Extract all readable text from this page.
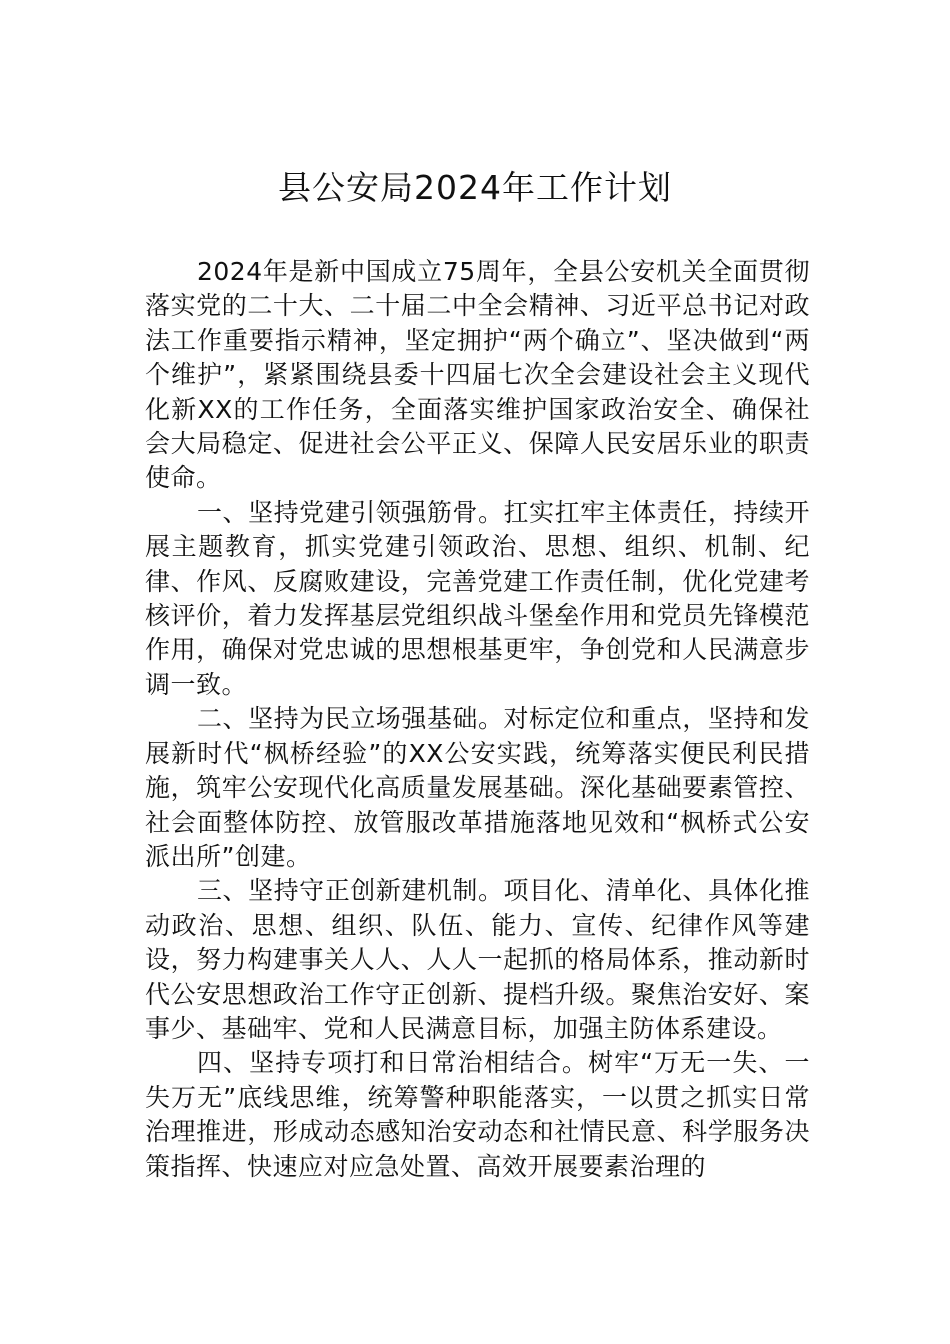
县公安局2024年工作计划

2024年是新中国成立75周年，全县公安机关全面贯彻落实党的二十大、二十届二中全会精神、习近平总书记对政法工作重要指示精神，坚定拥护“两个确立”、坚决做到“两个维护”，紧紧围绕县委十四届七次全会建设社会主义现代化新XX的工作任务，全面落实维护国家政治安全、确保社会大局稳定、促进社会公平正义、保障人民安居乐业的职责使命。

一、坚持党建引领强筋骨。扛实扛牢主体责任，持续开展主题教育，抓实党建引领政治、思想、组织、机制、纪律、作风、反腐败建设，完善党建工作责任制，优化党建考核评价，着力发挥基层党组织战斗堡垒作用和党员先锋模范作用，确保对党忠诚的思想根基更牢，争创党和人民满意步调一致。

二、坚持为民立场强基础。对标定位和重点，坚持和发展新时代“枫桥经验”的XX公安实践，统筹落实便民利民措施，筑牢公安现代化高质量发展基础。深化基础要素管控、社会面整体防控、放管服改革措施落地见效和“枫桥式公安派出所”创建。

三、坚持守正创新建机制。项目化、清单化、具体化推动政治、思想、组织、队伍、能力、宣传、纪律作风等建设，努力构建事关人人、人人一起抓的格局体系，推动新时代公安思想政治工作守正创新、提档升级。聚焦治安好、案事少、基础牢、党和人民满意目标，加强主防体系建设。

四、坚持专项打和日常治相结合。树牢“万无一失、一失万无”底线思维，统筹警种职能落实，一以贯之抓实日常治理推进，形成动态感知治安动态和社情民意、科学服务决策指挥、快速应对应急处置、高效开展要素治理的
